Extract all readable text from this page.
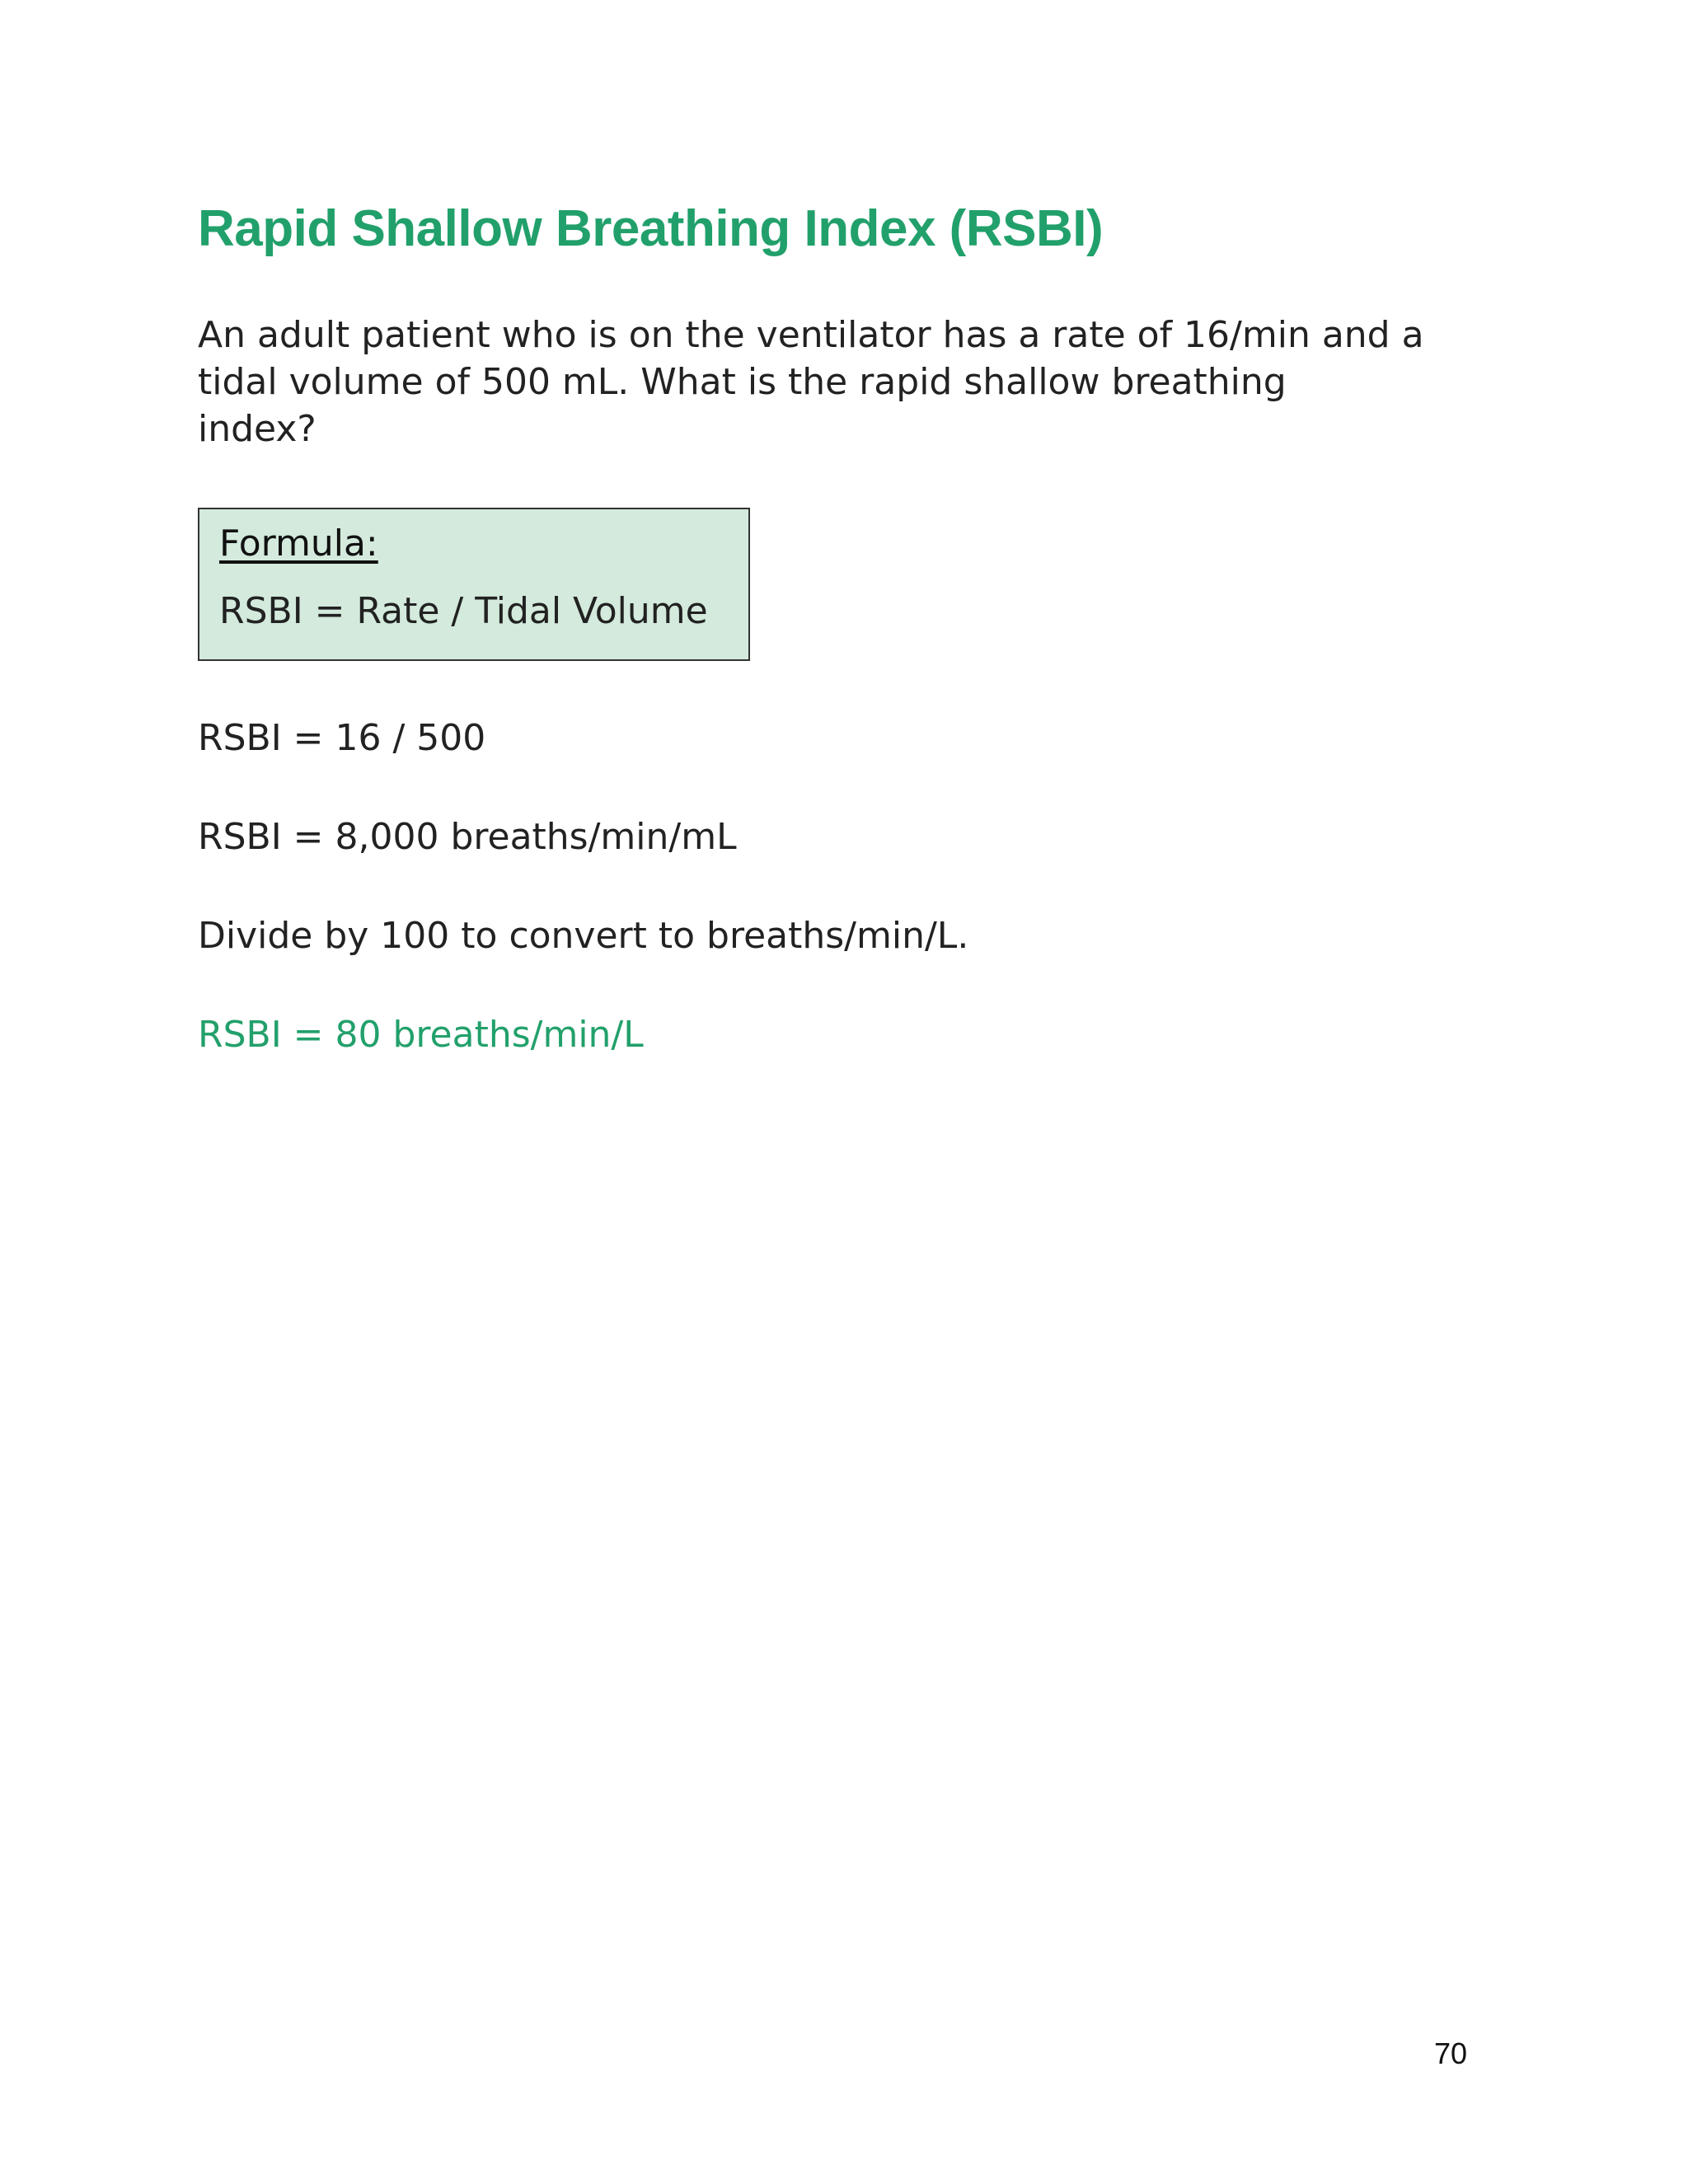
Rapid Shallow Breathing Index (RSBI)

An adult patient who is on the ventilator has a rate of 16/min and a
tidal volume of 500 mL. What is the rapid shallow breathing
index?

Formula:

RSBI = Rate / Tidal Volume

RSBI = 16 / 500

RSBI = 8,000 breaths/min/mL

Divide by 100 to convert to breaths/min/L.

RSBI = 80 breaths/min/L

70
